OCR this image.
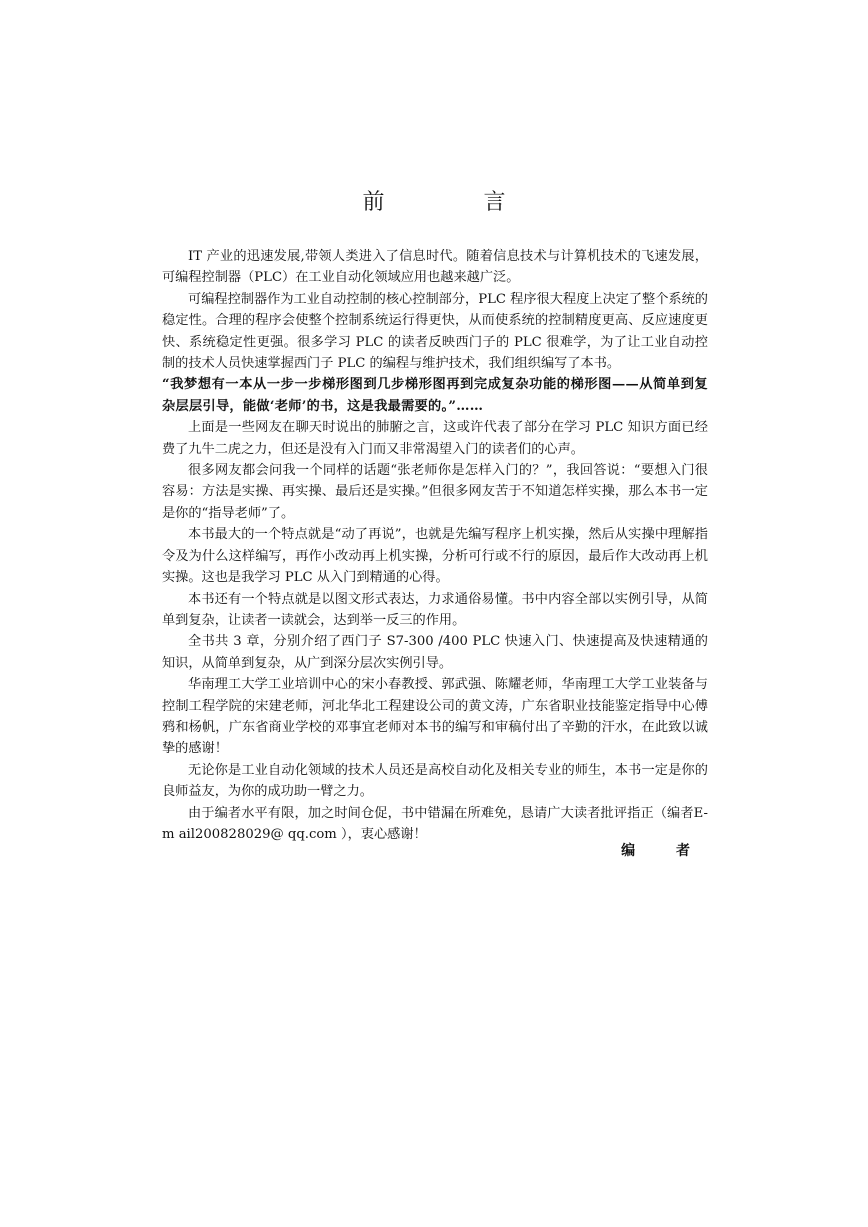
前 言

IT 产业的迅速发展,带领人类进入了信息时代。随着信息技术与计算机技术的飞速发展，可编程控制器（PLC）在工业自动化领域应用也越来越广泛。

可编程控制器作为工业自动控制的核心控制部分，PLC 程序很大程度上决定了整个系统的稳定性。合理的程序会使整个控制系统运行得更快，从而使系统的控制精度更高、反应速度更快、系统稳定性更强。很多学习 PLC 的读者反映西门子的 PLC 很难学，为了让工业自动控制的技术人员快速掌握西门子 PLC 的编程与维护技术，我们组织编写了本书。

“我梦想有一本从一步一步梯形图到几步梯形图再到完成复杂功能的梯形图——从简单到复杂层层引导，能做‘老师’的书，这是我最需要的。”……

上面是一些网友在聊天时说出的肺腑之言，这或许代表了部分在学习 PLC 知识方面已经费了九牛二虎之力，但还是没有入门而又非常渴望入门的读者们的心声。

很多网友都会问我一个同样的话题“张老师你是怎样入门的？”，我回答说：“要想入门很容易：方法是实操、再实操、最后还是实操。”但很多网友苦于不知道怎样实操，那么本书一定是你的“指导老师”了。

本书最大的一个特点就是“动了再说”，也就是先编写程序上机实操，然后从实操中理解指令及为什么这样编写，再作小改动再上机实操，分析可行或不行的原因，最后作大改动再上机实操。这也是我学习 PLC 从入门到精通的心得。

本书还有一个特点就是以图文形式表达，力求通俗易懂。书中内容全部以实例引导，从简单到复杂，让读者一读就会，达到举一反三的作用。

全书共 3 章，分别介绍了西门子 S7-300 /400 PLC 快速入门、快速提高及快速精通的知识，从简单到复杂，从广到深分层次实例引导。

华南理工大学工业培训中心的宋小春教授、郭武强、陈耀老师，华南理工大学工业装备与控制工程学院的宋建老师，河北华北工程建设公司的黄文涛，广东省职业技能鉴定指导中心傅鸦和杨帆，广东省商业学校的邓事宜老师对本书的编写和审稿付出了辛勤的汗水，在此致以诚挚的感谢！

无论你是工业自动化领域的技术人员还是高校自动化及相关专业的师生，本书一定是你的良师益友，为你的成功助一臂之力。

由于编者水平有限，加之时间仓促，书中错漏在所难免，恳请广大读者批评指正（编者E-m ail200828029@ qq.com ），衷心感谢！

编 者
